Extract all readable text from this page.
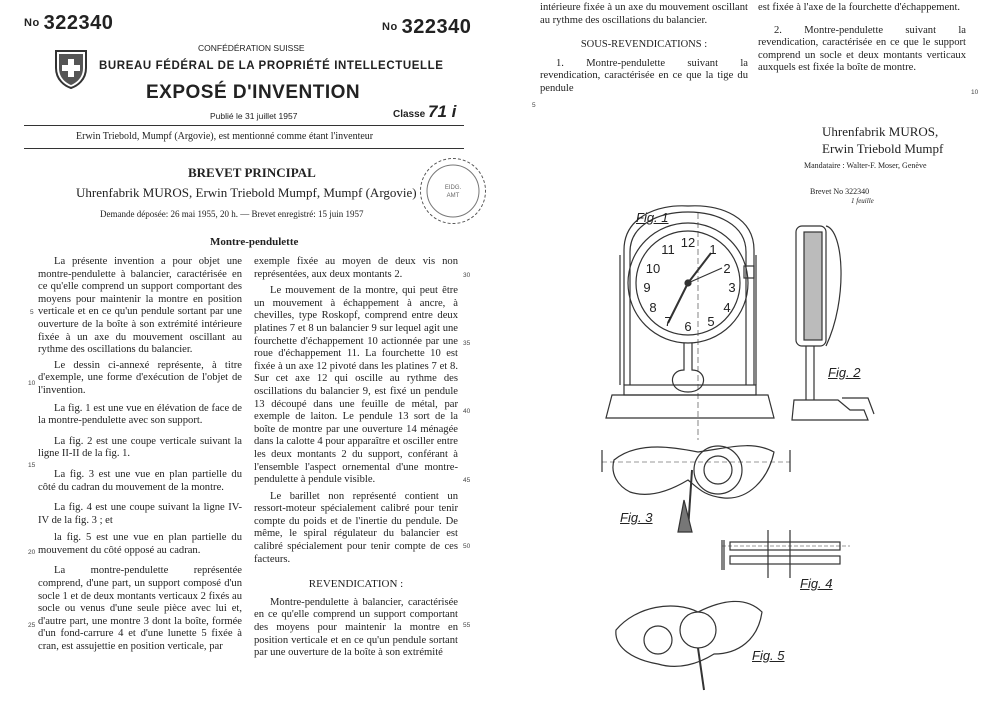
No 322340	No 322340
CONFÉDÉRATION SUISSE
BUREAU FÉDÉRAL DE LA PROPRIÉTÉ INTELLECTUELLE
EXPOSÉ D'INVENTION
Publié le 31 juillet 1957	Classe 71 i
Erwin Triebold, Mumpf (Argovie), est mentionné comme étant l'inventeur
BREVET PRINCIPAL
Uhrenfabrik MUROS, Erwin Triebold Mumpf, Mumpf (Argovie)
Demande déposée: 26 mai 1955, 20 h. — Brevet enregistré: 15 juin 1957
EIDG.
AMT
Montre-pendulette

La présente invention a pour objet une montre-pendulette à balancier, caractérisée en ce qu'elle comprend un support comportant des moyens pour maintenir la montre en position verticale et en ce qu'un pendule sortant par une ouverture de la boîte à son extrémité intérieure fixée à un axe du mouvement oscillant au rythme des oscillations du balancier.

Le dessin ci-annexé représente, à titre d'exemple, une forme d'exécution de l'objet de l'invention.

La fig. 1 est une vue en élévation de face de la montre-pendulette avec son support.

La fig. 2 est une coupe verticale suivant la ligne II-II de la fig. 1.

La fig. 3 est une vue en plan partielle du côté du cadran du mouvement de la montre.

La fig. 4 est une coupe suivant la ligne IV-IV de la fig. 3 ; et

la fig. 5 est une vue en plan partielle du mouvement du côté opposé au cadran.

La montre-pendulette représentée comprend, d'une part, un support composé d'un socle 1 et de deux montants verticaux 2 fixés au socle ou venus d'une seule pièce avec lui et, d'autre part, une montre 3 dont la boîte, formée d'un fond-carrure 4 et d'une lunette 5 fixée à cran, est assujettie en position verticale, par

exemple fixée au moyen de deux vis non représentées, aux deux montants 2.

Le mouvement de la montre, qui peut être un mouvement à échappement à ancre, à chevilles, type Roskopf, comprend entre deux platines 7 et 8 un balancier 9 sur lequel agit une fourchette d'échappement 10 actionnée par une roue d'échappement 11. La fourchette 10 est fixée à un axe 12 pivoté dans les platines 7 et 8. Sur cet axe 12 qui oscille au rythme des oscillations du balancier 9, est fixé un pendule 13 découpé dans une feuille de métal, par exemple de laiton. Le pendule 13 sort de la boîte de montre par une ouverture 14 ménagée dans la calotte 4 pour apparaître et osciller entre les deux montants 2 du support, conférant à l'ensemble l'aspect ornemental d'une montre-pendulette à pendule visible.

Le barillet non représenté contient un ressort-moteur spécialement calibré pour tenir compte du poids et de l'inertie du pendule. De même, le spiral régulateur du balancier est calibré spécialement pour tenir compte de ces facteurs.

REVENDICATION :

Montre-pendulette à balancier, caractérisée en ce qu'elle comprend un support comportant des moyens pour maintenir la montre en position verticale et en ce qu'un pendule sortant par une ouverture de la boîte à son extrémité

5
10
15
20
25
30
35
40
45
50
55

intérieure fixée à un axe du mouvement oscillant au rythme des oscillations du balancier.

SOUS-REVENDICATIONS :

1. Montre-pendulette suivant la revendication, caractérisée en ce que la tige du pendule

est fixée à l'axe de la fourchette d'échappement.

2. Montre-pendulette suivant la revendication, caractérisée en ce que le support comprend un socle et deux montants verticaux auxquels est fixée la boîte de montre.

5
10
Uhrenfabrik MUROS,
Erwin Triebold Mumpf
Mandataire : Walter-F. Moser, Genève
Brevet No 322340
1 feuille
12 1
2
3
4
5
6
7
8
9
10
11
Fig. 1
Fig. 2
Fig. 3
Fig. 4
Fig. 5
